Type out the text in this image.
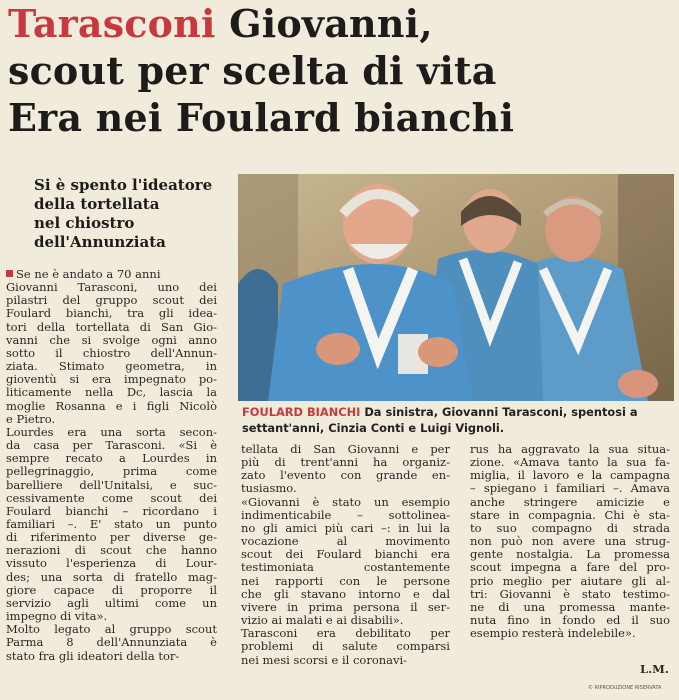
Tarasconi Giovanni,
scout per scelta di vita
Era nei Foulard bianchi
Si è spento l'ideatore
della tortellata
nel chiostro
dell'Annunziata
FOULARD BIANCHI Da sinistra, Giovanni Tarasconi, spentosi a settant'anni, Cinzia Conti e Luigi Vignoli.
Se ne è andato a 70 anni
Giovanni Tarasconi, uno dei
pilastri del gruppo scout dei
Foulard bianchi, tra gli idea-
tori della tortellata di San Gio-
vanni che si svolge ogni anno
sotto il chiostro dell'Annun-
ziata. Stimato geometra, in
gioventù si era impegnato po-
liticamente nella Dc, lascia la
moglie Rosanna e i figli Nicolò
e Pietro.
Lourdes era una sorta secon-
da casa per Tarasconi. «Si è
sempre recato a Lourdes in
pellegrinaggio, prima come
barelliere dell'Unitalsi, e suc-
cessivamente come scout dei
Foulard bianchi – ricordano i
familiari –. E' stato un punto
di riferimento per diverse ge-
nerazioni di scout che hanno
vissuto l'esperienza di Lour-
des; una sorta di fratello mag-
giore capace di proporre il
servizio agli ultimi come un
impegno di vita».
Molto legato al gruppo scout
Parma 8 dell'Annunziata è
stato fra gli ideatori della tor-
tellata di San Giovanni e per
più di trent'anni ha organiz-
zato l'evento con grande en-
tusiasmo.
«Giovanni è stato un esempio
indimenticabile – sottolinea-
no gli amici più cari –: in lui la
vocazione al movimento
scout dei Foulard bianchi era
testimoniata costantemente
nei rapporti con le persone
che gli stavano intorno e dal
vivere in prima persona il ser-
vizio ai malati e ai disabili».
Tarasconi era debilitato per
problemi di salute comparsi
nei mesi scorsi e il coronavi-
rus ha aggravato la sua situa-
zione. «Amava tanto la sua fa-
miglia, il lavoro e la campagna
– spiegano i familiari –. Amava
anche stringere amicizie e
stare in compagnia. Chi è sta-
to suo compagno di strada
non può non avere una strug-
gente nostalgia. La promessa
scout impegna a fare del pro-
prio meglio per aiutare gli al-
tri: Giovanni è stato testimo-
ne di una promessa mante-
nuta fino in fondo ed il suo
esempio resterà indelebile».
L.M.
© RIPRODUZIONE RISERVATA
